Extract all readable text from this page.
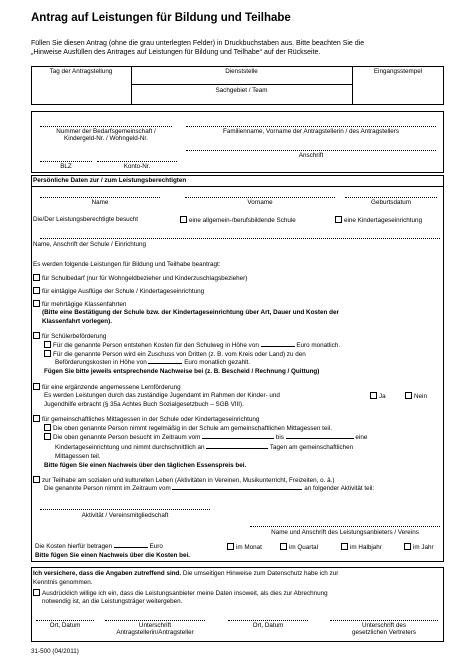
Antrag auf Leistungen für Bildung und Teilhabe
Füllen Sie diesen Antrag (ohne die grau unterlegten Felder) in Druckbuchstaben aus. Bitte beachten Sie die
„Hinweise Ausfüllen des Antrages auf Leistungen für Bildung und Teilhabe“ auf der Rückseite.
Tag der Antragstellung	Dienststelle	Eingangsstempel
Sachgebiet / Team
Nummer der Bedarfsgemeinschaft /
Kindergeld-Nr. / Wohngeld-Nr.
Familienname, Vorname der Antragstellerin / des Antragstellers
Anschrift
BLZ	Konto-Nr.
Persönliche Daten zur / zum Leistungsberechtigten
Name	Vorname	Geburtsdatum
Die/Der Leistungsberechtigte besucht	eine allgemein-/berufsbildende Schule	eine Kindertageseinrichtung
Name, Anschrift der Schule / Einrichtung
Es werden folgende Leistungen für Bildung und Teilhabe beantragt:
für Schulbedarf (nur für Wohngeldbezieher und Kinderzuschlagsbezieher)
für eintägige Ausflüge der Schule / Kindertageseinrichtung
für mehrtägige Klassenfahrten
(Bitte eine Bestätigung der Schule bzw. der Kindertageseinrichtung über Art, Dauer und Kosten der
Klassenfahrt vorlegen).
für Schülerbeförderung
Für die genannte Person entstehen Kosten für den Schulweg in Höhe von	Euro monatlich.
Für die genannte Person wird ein Zuschuss von Dritten (z. B. vom Kreis oder Land) zu den
Beförderungskosten in Höhe von	Euro monatlich gezahlt.
Fügen Sie bitte jeweils entsprechende Nachweise bei (z. B. Bescheid / Rechnung / Quittung)
für eine ergänzende angemessene Lernförderung
Es werden Leistungen durch das zuständige Jugendamt im Rahmen der Kinder- und
Jugendhilfe erbracht (§ 35a Achtes Buch Sozialgesetzbuch – SGB VIII).
Ja	Nein
für gemeinschaftliches Mittagessen in der Schule oder Kindertageseinrichtung
Die oben genannte Person nimmt regelmäßig in der Schule am gemeinschaftlichen Mittagessen teil.
Die oben genannte Person besucht im Zeitraum vom	bis	eine
Kindertageseinrichtung und nimmt durchschnittlich an	Tagen am gemeinschaftlichen
Mittagessen teil.
Bitte fügen Sie einen Nachweis über den täglichen Essenspreis bei.
zur Teilhabe am sozialen und kulturellen Leben (Aktivitäten in Vereinen, Musikunterricht, Freizeiten, o. ä.)
Die genannte Person nimmt im Zeitraum vom	an folgender Aktivität teil:
Aktivität / Vereinsmitgliedschaft
Name und Anschrift des Leistungsanbieters / Vereins
Die Kosten hierfür betragen	Euro	im Monat	im Quartal	im Halbjahr	im Jahr
Bitte fügen Sie einen Nachweis über die Kosten bei.
Ich versichere, dass die Angaben zutreffend sind. Die umseitigen Hinweise zum Datenschutz habe ich zur
Kenntnis genommen.
Ausdrücklich willige ich ein, dass die Leistungsanbieter meine Daten insoweit, als dies zur Abrechnung
notwendig ist, an die Leistungsträger weitergeben.
Ort, Datum	Unterschrift
Antragstellerin/Antragsteller
Ort, Datum	Unterschrift des
gesetzlichen Vertreters
31-500 (04/2011)
